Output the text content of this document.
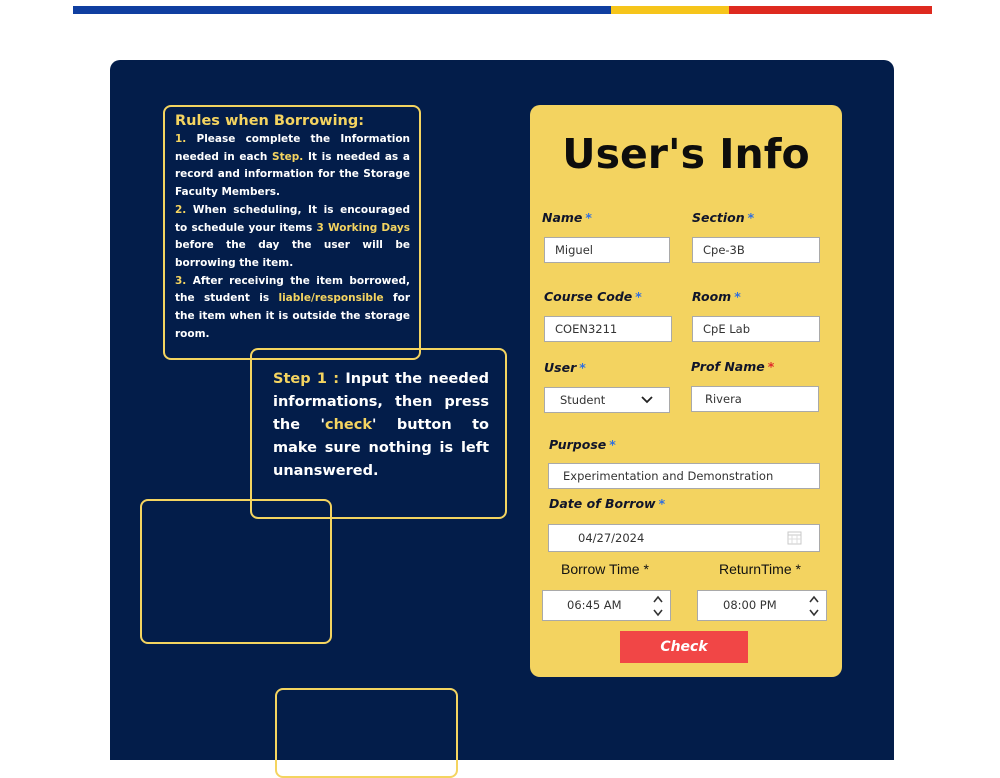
Rules when Borrowing:
1. Please complete the Information needed in each Step. It is needed as a record and information for the Storage Faculty Members.
2. When scheduling, It is encouraged to schedule your items 3 Working Days before the day the user will be borrowing the item.
3. After receiving the item borrowed, the student is liable/responsible for the item when it is outside the storage room.
Step 1 : Input the needed informations, then press the 'check' button to make sure nothing is left unanswered.
User's Info
Name *
Miguel
Section *
Cpe-3B
Course Code *
COEN3211
Room *
CpE Lab
User *
Student
Prof Name *
Rivera
Purpose *
Experimentation and Demonstration
Date of Borrow *
04/27/2024
Borrow Time *	ReturnTime *
06:45 AM	08:00 PM
Check
